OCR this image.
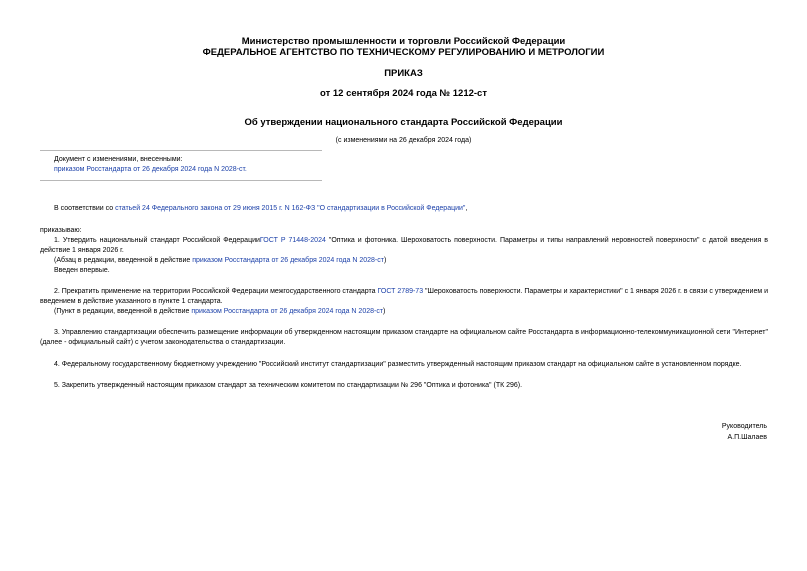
Министерство промышленности и торговли Российской Федерации
ФЕДЕРАЛЬНОЕ АГЕНТСТВО ПО ТЕХНИЧЕСКОМУ РЕГУЛИРОВАНИЮ И МЕТРОЛОГИИ
ПРИКАЗ
от 12 сентября 2024 года № 1212-ст
Об утверждении национального стандарта Российской Федерации
(с изменениями на 26 декабря 2024 года)
Документ с изменениями, внесенными:
приказом Росстандарта от 26 декабря 2024 года N 2028-ст.
В соответствии со статьей 24 Федерального закона от 29 июня 2015 г. N 162-ФЗ "О стандартизации в Российской Федерации",
приказываю:
1. Утвердить национальный стандарт Российской ФедерацииГОСТ Р 71448-2024 "Оптика и фотоника. Шероховатость поверхности. Параметры и типы направлений неровностей поверхности" с датой введения в действие 1 января 2026 г.
(Абзац в редакции, введенной в действие приказом Росстандарта от 26 декабря 2024 года N 2028-ст)
Введен впервые.
2. Прекратить применение на территории Российской Федерации межгосударственного стандарта ГОСТ 2789-73 "Шероховатость поверхности. Параметры и характеристики" с 1 января 2026 г. в связи с утверждением и введением в действие указанного в пункте 1 стандарта.
(Пункт в редакции, введенной в действие приказом Росстандарта от 26 декабря 2024 года N 2028-ст)
3. Управлению стандартизации обеспечить размещение информации об утвержденном настоящим приказом стандарте на официальном сайте Росстандарта в информационно-телекоммуникационной сети "Интернет" (далее - официальный сайт) с учетом законодательства о стандартизации.
4. Федеральному государственному бюджетному учреждению "Российский институт стандартизации" разместить утвержденный настоящим приказом стандарт на официальном сайте в установленном порядке.
5. Закрепить утвержденный настоящим приказом стандарт за техническим комитетом по стандартизации № 296 "Оптика и фотоника" (ТК 296).
Руководитель
А.П.Шалаев
